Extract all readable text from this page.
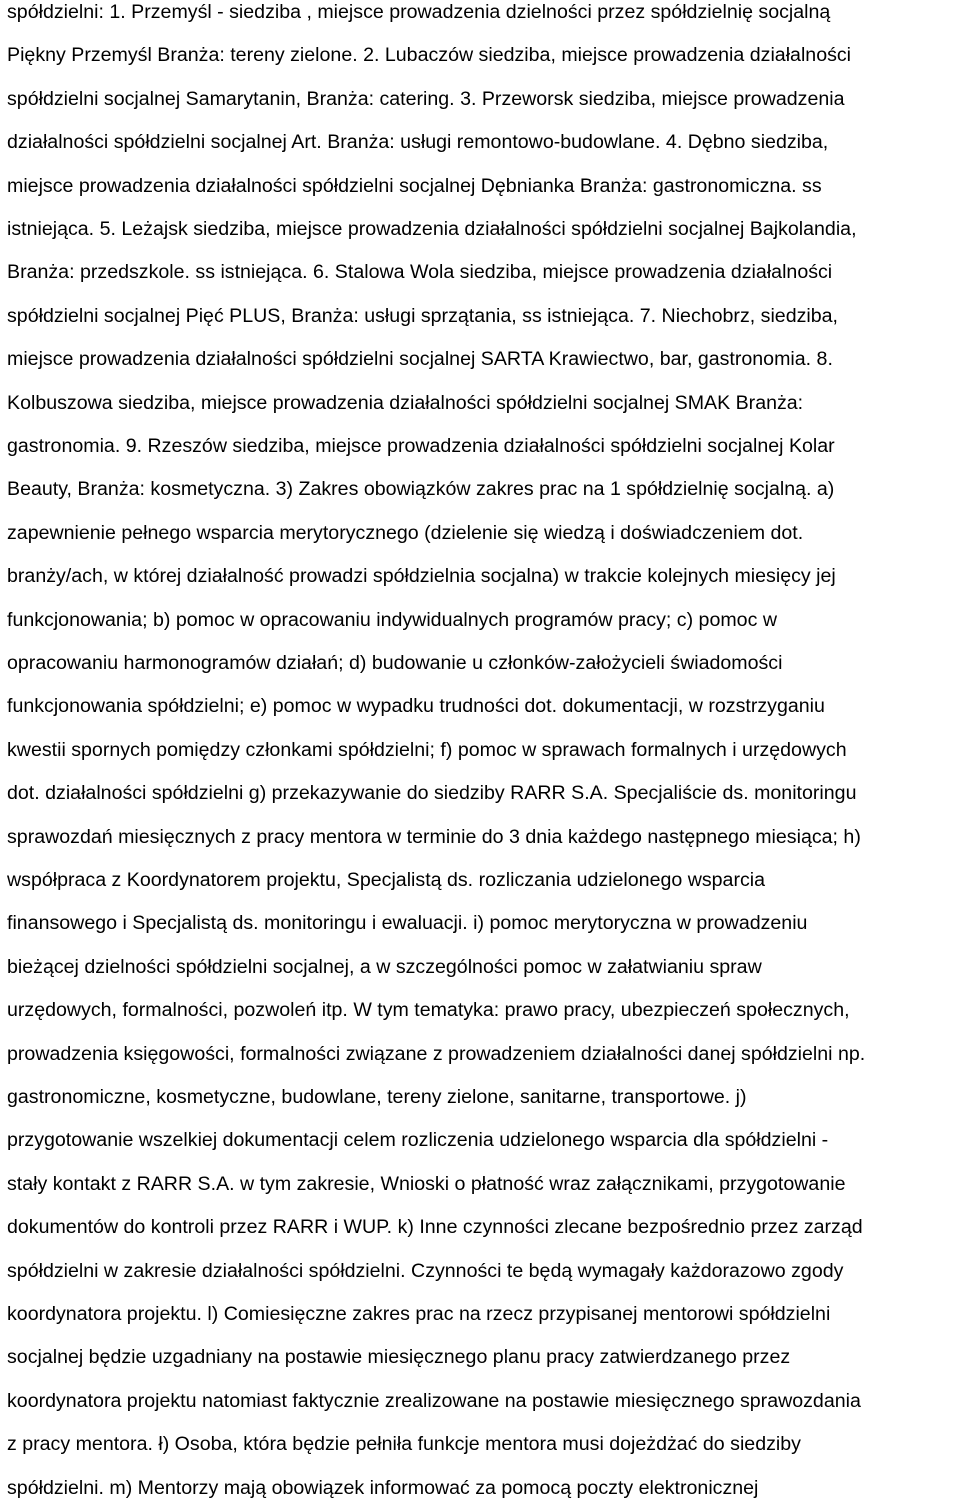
spółdzielni: 1. Przemyśl - siedziba , miejsce prowadzenia dzielności przez spółdzielnię socjalną
Piękny Przemyśl Branża: tereny zielone. 2. Lubaczów siedziba, miejsce prowadzenia działalności
spółdzielni socjalnej Samarytanin, Branża: catering. 3. Przeworsk siedziba, miejsce prowadzenia
działalności spółdzielni socjalnej Art. Branża: usługi remontowo-budowlane. 4. Dębno siedziba,
miejsce prowadzenia działalności spółdzielni socjalnej Dębnianka Branża: gastronomiczna. ss
istniejąca. 5. Leżajsk siedziba, miejsce prowadzenia działalności spółdzielni socjalnej Bajkolandia,
Branża: przedszkole. ss istniejąca. 6. Stalowa Wola siedziba, miejsce prowadzenia działalności
spółdzielni socjalnej Pięć PLUS, Branża: usługi sprzątania, ss istniejąca. 7. Niechobrz, siedziba,
miejsce prowadzenia działalności spółdzielni socjalnej SARTA Krawiectwo, bar, gastronomia. 8.
Kolbuszowa siedziba, miejsce prowadzenia działalności spółdzielni socjalnej SMAK Branża:
gastronomia. 9. Rzeszów siedziba, miejsce prowadzenia działalności spółdzielni socjalnej Kolar
Beauty, Branża: kosmetyczna. 3) Zakres obowiązków zakres prac na 1 spółdzielnię socjalną. a)
zapewnienie pełnego wsparcia merytorycznego (dzielenie się wiedzą i doświadczeniem dot.
branży/ach, w której działalność prowadzi spółdzielnia socjalna) w trakcie kolejnych miesięcy jej
funkcjonowania; b) pomoc w opracowaniu indywidualnych programów pracy; c) pomoc w
opracowaniu harmonogramów działań; d) budowanie u członków-założycieli świadomości
funkcjonowania spółdzielni; e) pomoc w wypadku trudności dot. dokumentacji, w rozstrzyganiu
kwestii spornych pomiędzy członkami spółdzielni; f) pomoc w sprawach formalnych i urzędowych
dot. działalności spółdzielni g) przekazywanie do siedziby RARR S.A. Specjaliście ds. monitoringu
sprawozdań miesięcznych z pracy mentora w terminie do 3 dnia każdego następnego miesiąca; h)
współpraca z Koordynatorem projektu, Specjalistą ds. rozliczania udzielonego wsparcia
finansowego i Specjalistą ds. monitoringu i ewaluacji. i) pomoc merytoryczna w prowadzeniu
bieżącej dzielności spółdzielni socjalnej, a w szczególności pomoc w załatwianiu spraw
urzędowych, formalności, pozwoleń itp. W tym tematyka: prawo pracy, ubezpieczeń społecznych,
prowadzenia księgowości, formalności związane z prowadzeniem działalności danej spółdzielni np.
gastronomiczne, kosmetyczne, budowlane, tereny zielone, sanitarne, transportowe. j)
przygotowanie wszelkiej dokumentacji celem rozliczenia udzielonego wsparcia dla spółdzielni -
stały kontakt z RARR S.A. w tym zakresie, Wnioski o płatność wraz załącznikami, przygotowanie
dokumentów do kontroli przez RARR i WUP. k) Inne czynności zlecane bezpośrednio przez zarząd
spółdzielni w zakresie działalności spółdzielni. Czynności te będą wymagały każdorazowo zgody
koordynatora projektu. l) Comiesięczne zakres prac na rzecz przypisanej mentorowi spółdzielni
socjalnej będzie uzgadniany na postawie miesięcznego planu pracy zatwierdzanego przez
koordynatora projektu natomiast faktycznie zrealizowane na postawie miesięcznego sprawozdania
z pracy mentora. ł) Osoba, która będzie pełniła funkcje mentora musi dojeżdżać do siedziby
spółdzielni. m) Mentorzy mają obowiązek informować za pomocą poczty elektronicznej
